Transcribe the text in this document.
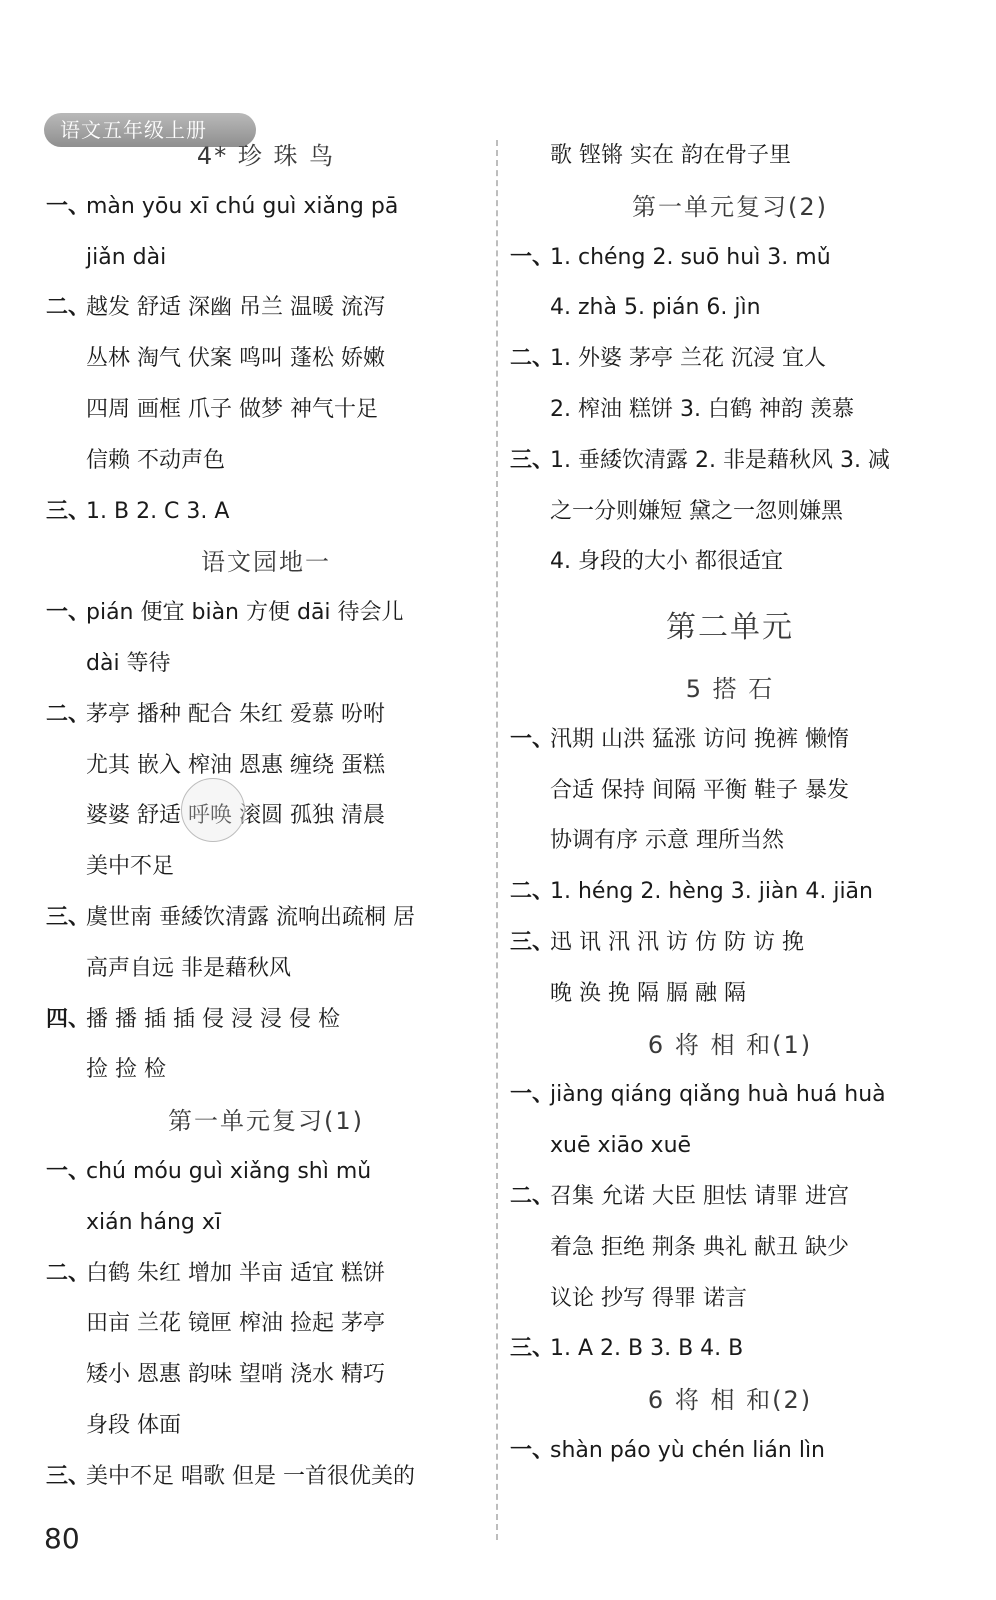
语文五年级上册
4* 珍 珠 鸟
一、màn yōu xī chú guì xiǎng pā
jiǎn dài
二、越发 舒适 深幽 吊兰 温暖 流泻
丛林 淘气 伏案 鸣叫 蓬松 娇嫩
四周 画框 爪子 做梦 神气十足
信赖 不动声色
三、1. B 2. C 3. A
语文园地一
一、pián 便宜 biàn 方便 dāi 待会儿
dài 等待
二、茅亭 播种 配合 朱红 爱慕 吩咐
尤其 嵌入 榨油 恩惠 缠绕 蛋糕
婆婆 舒适 呼唤 滚圆 孤独 清晨
美中不足
三、虞世南 垂緌饮清露 流响出疏桐 居
高声自远 非是藉秋风
四、播 播 插 插 侵 浸 浸 侵 检
捡 捡 检
第一单元复习(1)
一、chú móu guì xiǎng shì mǔ
xián háng xī
二、白鹤 朱红 增加 半亩 适宜 糕饼
田亩 兰花 镜匣 榨油 捡起 茅亭
矮小 恩惠 韵味 望哨 浇水 精巧
身段 体面
三、美中不足 唱歌 但是 一首很优美的
歌 铿锵 实在 韵在骨子里
第一单元复习(2)
一、1. chéng 2. suō huì 3. mǔ
4. zhà 5. pián 6. jìn
二、1. 外婆 茅亭 兰花 沉浸 宜人
2. 榨油 糕饼 3. 白鹤 神韵 羡慕
三、1. 垂緌饮清露 2. 非是藉秋风 3. 减
之一分则嫌短 黛之一忽则嫌黑
4. 身段的大小 都很适宜
第二单元
5 搭 石
一、汛期 山洪 猛涨 访问 挽裤 懒惰
合适 保持 间隔 平衡 鞋子 暴发
协调有序 示意 理所当然
二、1. héng 2. hèng 3. jiàn 4. jiān
三、迅 讯 汛 汛 访 仿 防 访 挽
晚 涣 挽 隔 膈 融 隔
6 将 相 和(1)
一、jiàng qiáng qiǎng huà huá huà
xuē xiāo xuē
二、召集 允诺 大臣 胆怯 请罪 进宫
着急 拒绝 荆条 典礼 献丑 缺少
议论 抄写 得罪 诺言
三、1. A 2. B 3. B 4. B
6 将 相 和(2)
一、shàn páo yù chén lián lìn
80
